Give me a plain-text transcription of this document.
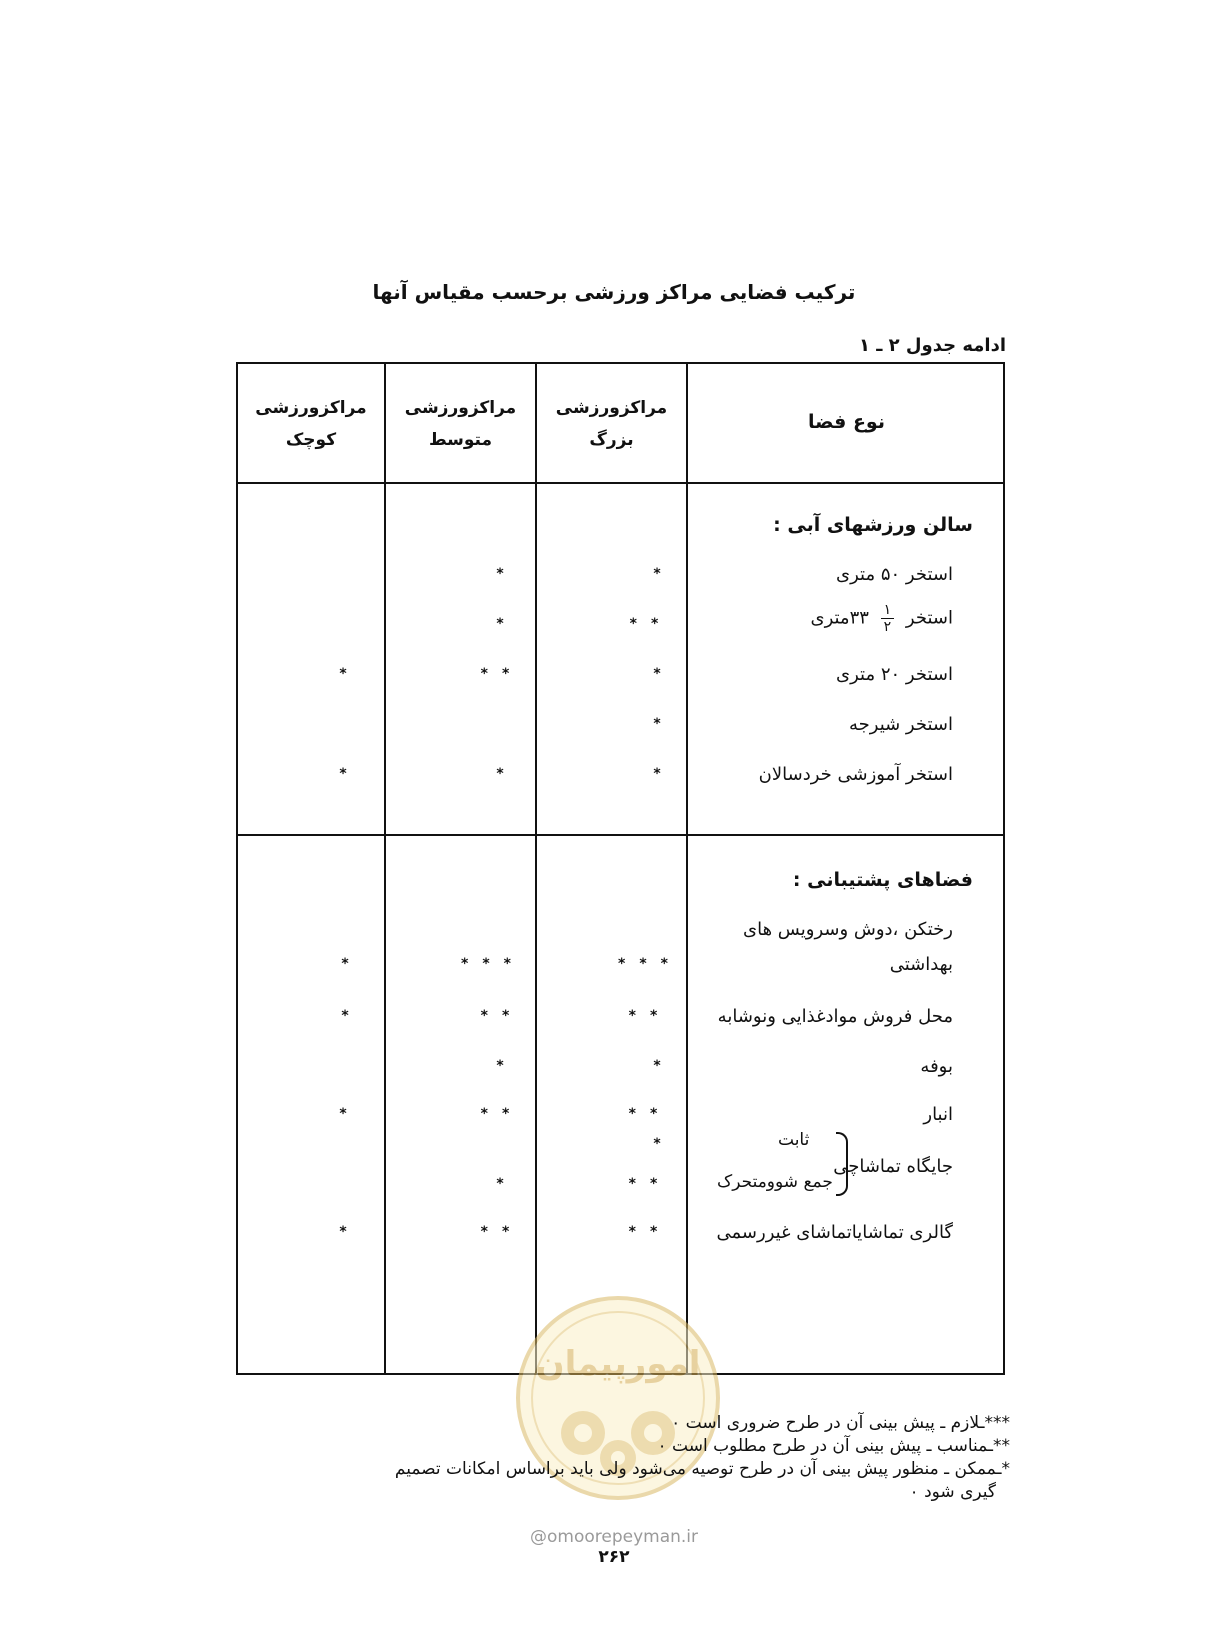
ترکیب فضایی مراکز ورزشی برحسب مقیاس آنها
ادامه جدول ۲ ـ ۱
مراکزورزشی
کوچک
مراکزورزشی
متوسط
مراکزورزشی
بزرگ
نوع فضا
سالن ورزشهای آبی :
استخر ۵۰ متری
*
*
استخر
$\frac{۱}{۲}$
۳۳متری
**
*
استخر ۲۰ متری
*
**
*
استخر شیرجه
*
استخر آموزشی خردسالان
*
*
*
فضاهای پشتیبانی :
رختکن ،دوش وسرویس های
بهداشتی
***
***
*
محل فروش موادغذایی ونوشابه
**
**
*
بوفه
*
*
انبار
**
**
*
جایگاه تماشاچی
ثابت
جمع شوومتحرک
*
**
*
گالری تماشایاتماشای غیررسمی
**
**
*
امورپیمان

***ـلازم ـ پیش بینی آن در طرح ضروری است ٠

**ـمناسب ـ پیش بینی آن در طرح مطلوب است ٠

*ـممکن ـ منظور پیش بینی آن در طرح توصیه می‌شود ولی باید براساس امکانات تصمیم

گیری شود ٠

@omoorepeyman.ir
۲۶۲
